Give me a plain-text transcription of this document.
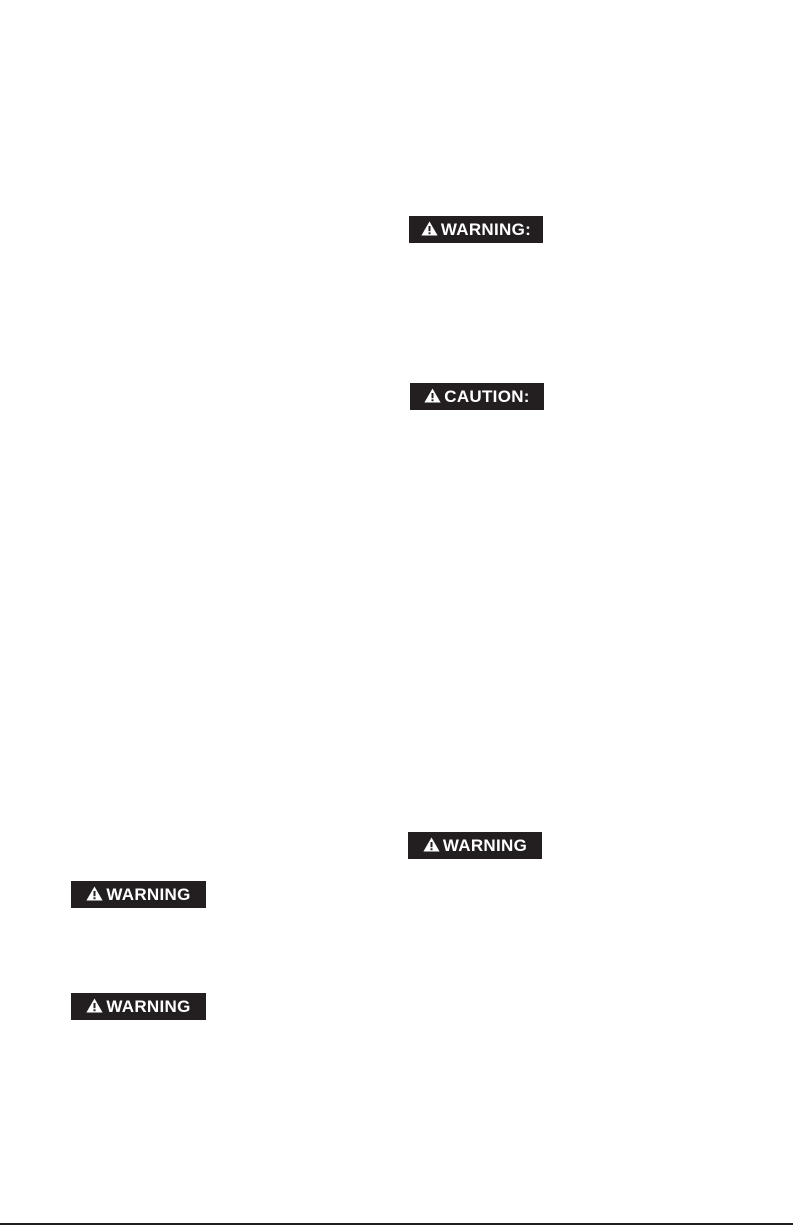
WARNING:
CAUTION:
WARNING
WARNING
WARNING
